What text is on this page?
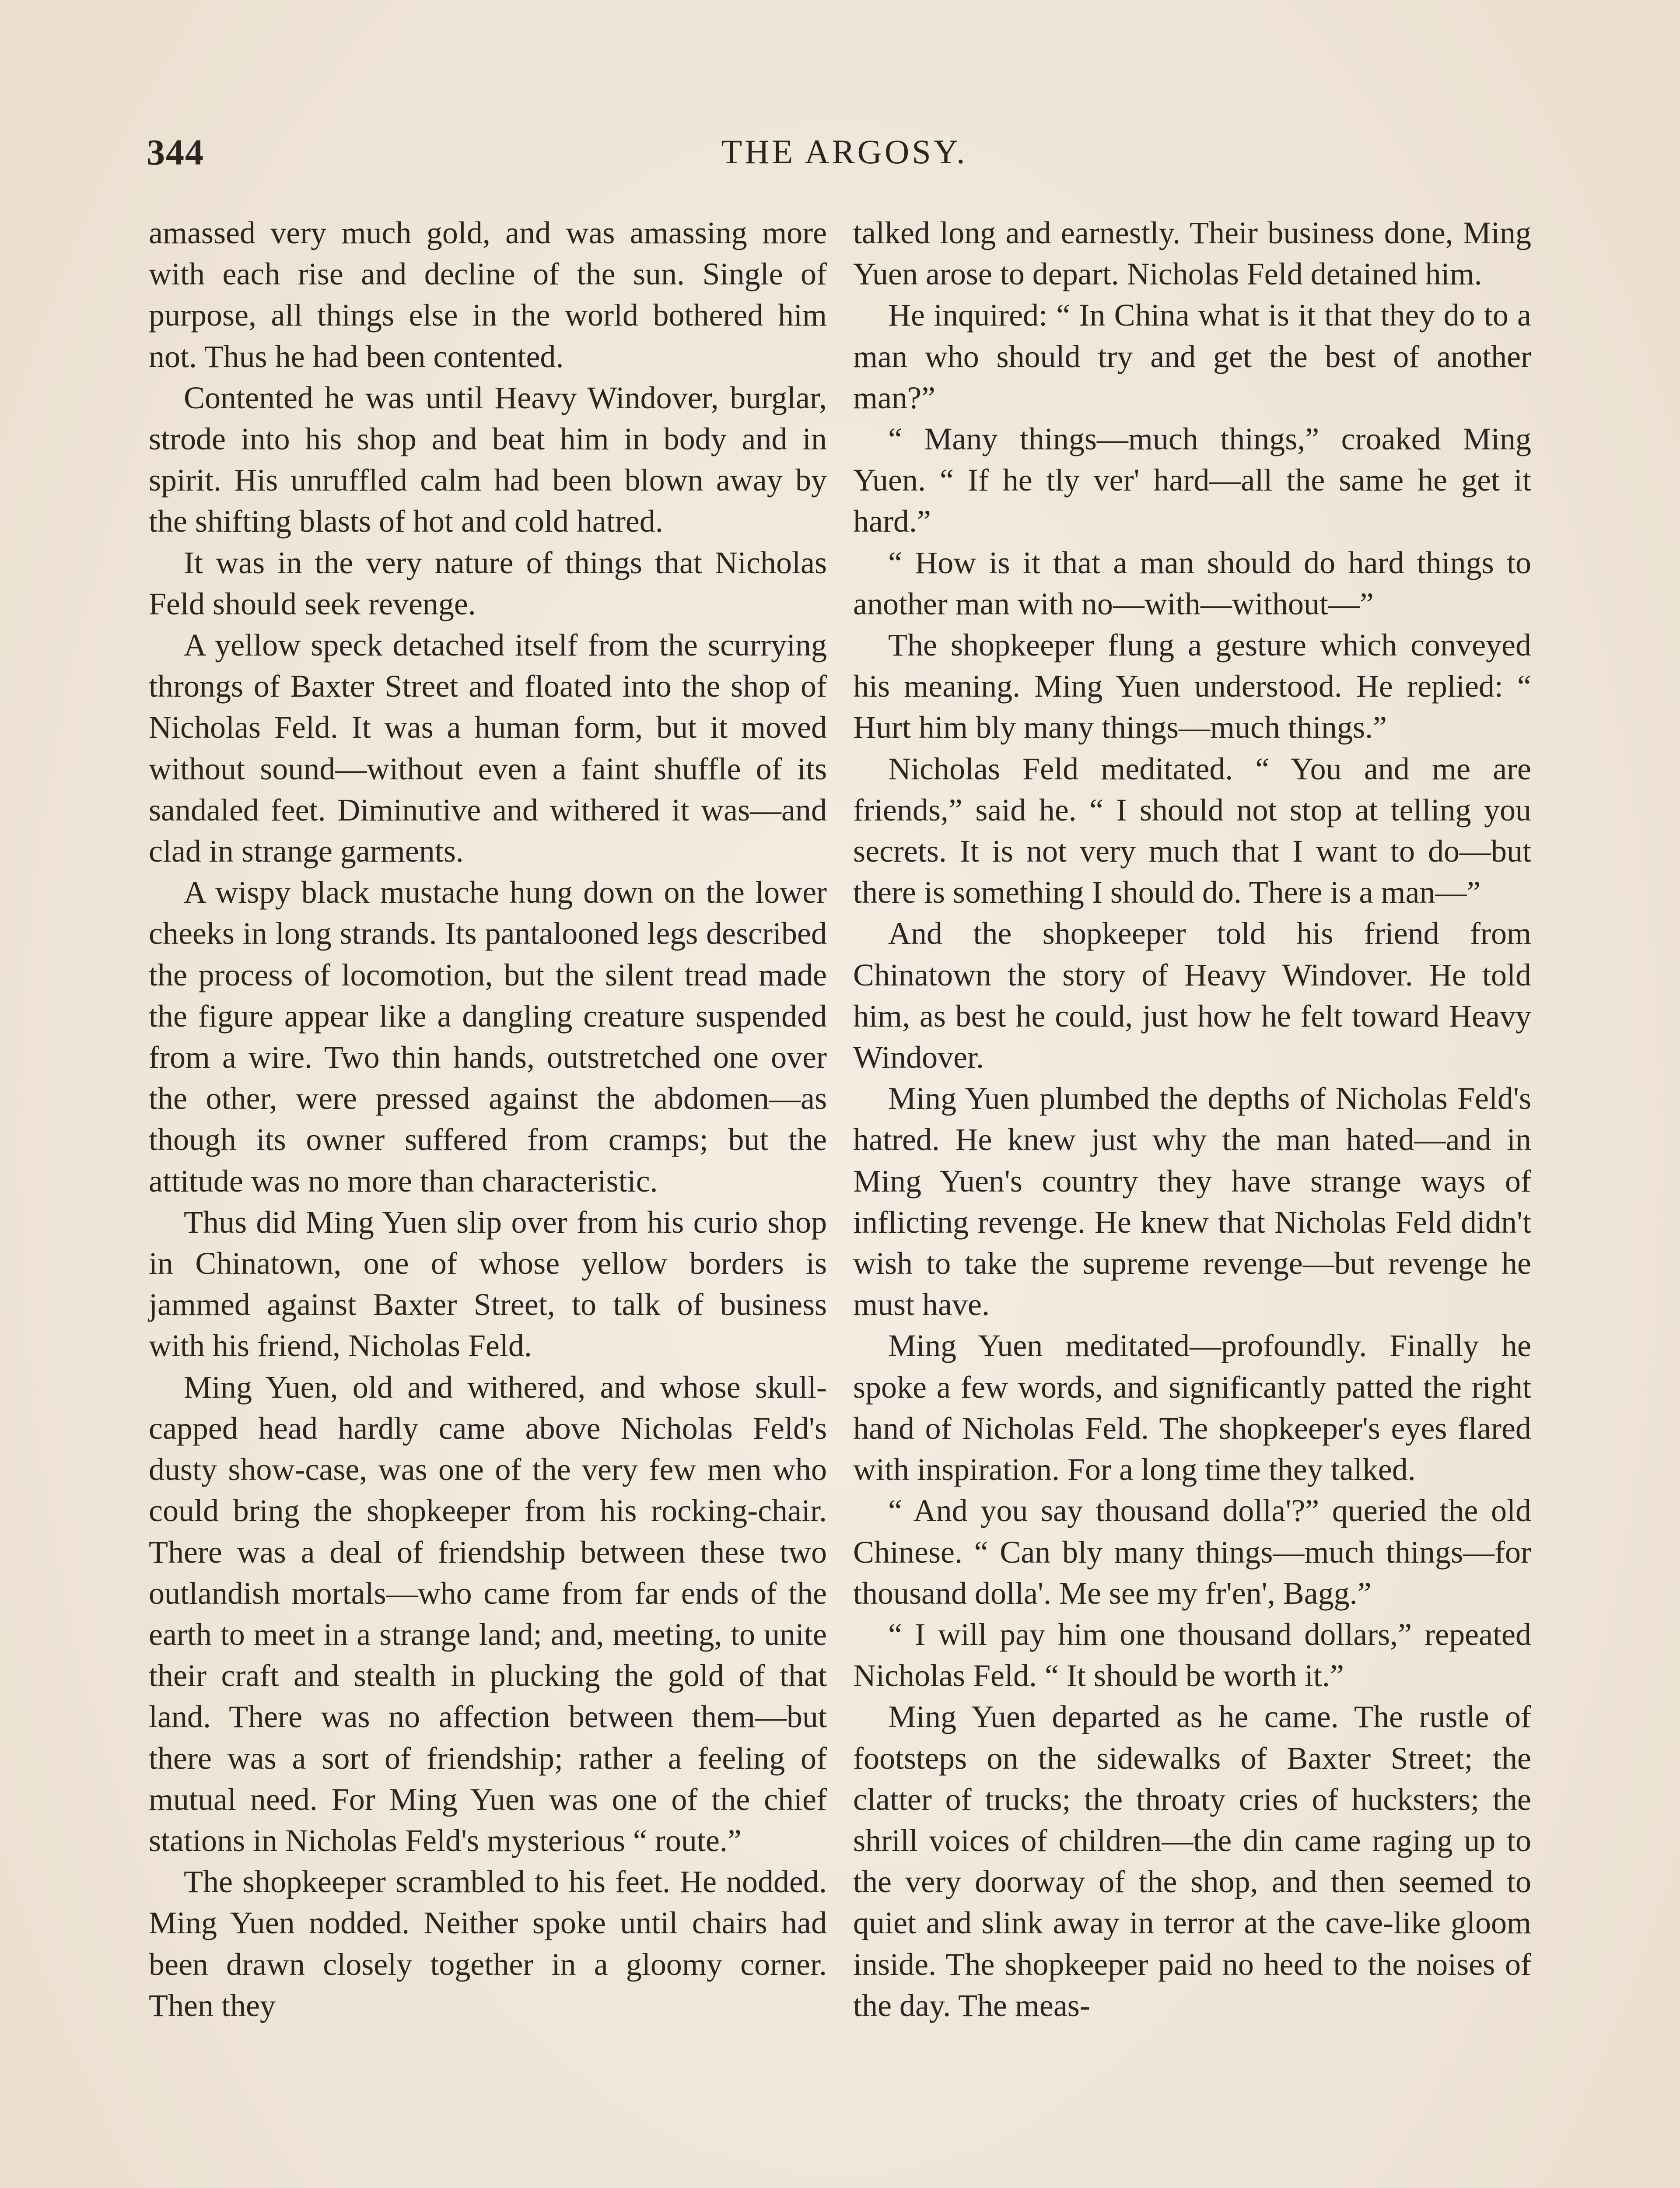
344	THE ARGOSY.

amassed very much gold, and was amassing more with each rise and decline of the sun. Single of purpose, all things else in the world bothered him not. Thus he had been contented.

Contented he was until Heavy Windover, burglar, strode into his shop and beat him in body and in spirit. His unruffled calm had been blown away by the shifting blasts of hot and cold hatred.

It was in the very nature of things that Nicholas Feld should seek revenge.

A yellow speck detached itself from the scurrying throngs of Baxter Street and floated into the shop of Nicholas Feld. It was a human form, but it moved without sound—without even a faint shuffle of its sandaled feet. Diminutive and withered it was—and clad in strange garments.

A wispy black mustache hung down on the lower cheeks in long strands. Its pantalooned legs described the process of locomotion, but the silent tread made the figure appear like a dangling creature suspended from a wire. Two thin hands, outstretched one over the other, were pressed against the abdomen—as though its owner suffered from cramps; but the attitude was no more than characteristic.

Thus did Ming Yuen slip over from his curio shop in Chinatown, one of whose yellow borders is jammed against Baxter Street, to talk of business with his friend, Nicholas Feld.

Ming Yuen, old and withered, and whose skull-capped head hardly came above Nicholas Feld's dusty show-case, was one of the very few men who could bring the shopkeeper from his rocking-chair. There was a deal of friendship between these two outlandish mortals—who came from far ends of the earth to meet in a strange land; and, meeting, to unite their craft and stealth in plucking the gold of that land. There was no affection between them—but there was a sort of friendship; rather a feeling of mutual need. For Ming Yuen was one of the chief stations in Nicholas Feld's mysterious “ route.”

The shopkeeper scrambled to his feet. He nodded. Ming Yuen nodded. Neither spoke until chairs had been drawn closely together in a gloomy corner. Then they

talked long and earnestly. Their business done, Ming Yuen arose to depart. Nicholas Feld detained him.

He inquired: “ In China what is it that they do to a man who should try and get the best of another man?”

“ Many things—much things,” croaked Ming Yuen. “ If he tly ver' hard—all the same he get it hard.”

“ How is it that a man should do hard things to another man with no—with—without—”

The shopkeeper flung a gesture which conveyed his meaning. Ming Yuen understood. He replied: “ Hurt him bly many things—much things.”

Nicholas Feld meditated. “ You and me are friends,” said he. “ I should not stop at telling you secrets. It is not very much that I want to do—but there is something I should do. There is a man—”

And the shopkeeper told his friend from Chinatown the story of Heavy Windover. He told him, as best he could, just how he felt toward Heavy Windover.

Ming Yuen plumbed the depths of Nicholas Feld's hatred. He knew just why the man hated—and in Ming Yuen's country they have strange ways of inflicting revenge. He knew that Nicholas Feld didn't wish to take the supreme revenge—but revenge he must have.

Ming Yuen meditated—profoundly. Finally he spoke a few words, and significantly patted the right hand of Nicholas Feld. The shopkeeper's eyes flared with inspiration. For a long time they talked.

“ And you say thousand dolla'?” queried the old Chinese. “ Can bly many things—much things—for thousand dolla'. Me see my fr'en', Bagg.”

“ I will pay him one thousand dollars,” repeated Nicholas Feld. “ It should be worth it.”

Ming Yuen departed as he came. The rustle of footsteps on the sidewalks of Baxter Street; the clatter of trucks; the throaty cries of hucksters; the shrill voices of children—the din came raging up to the very doorway of the shop, and then seemed to quiet and slink away in terror at the cave-like gloom inside. The shopkeeper paid no heed to the noises of the day. The meas-
